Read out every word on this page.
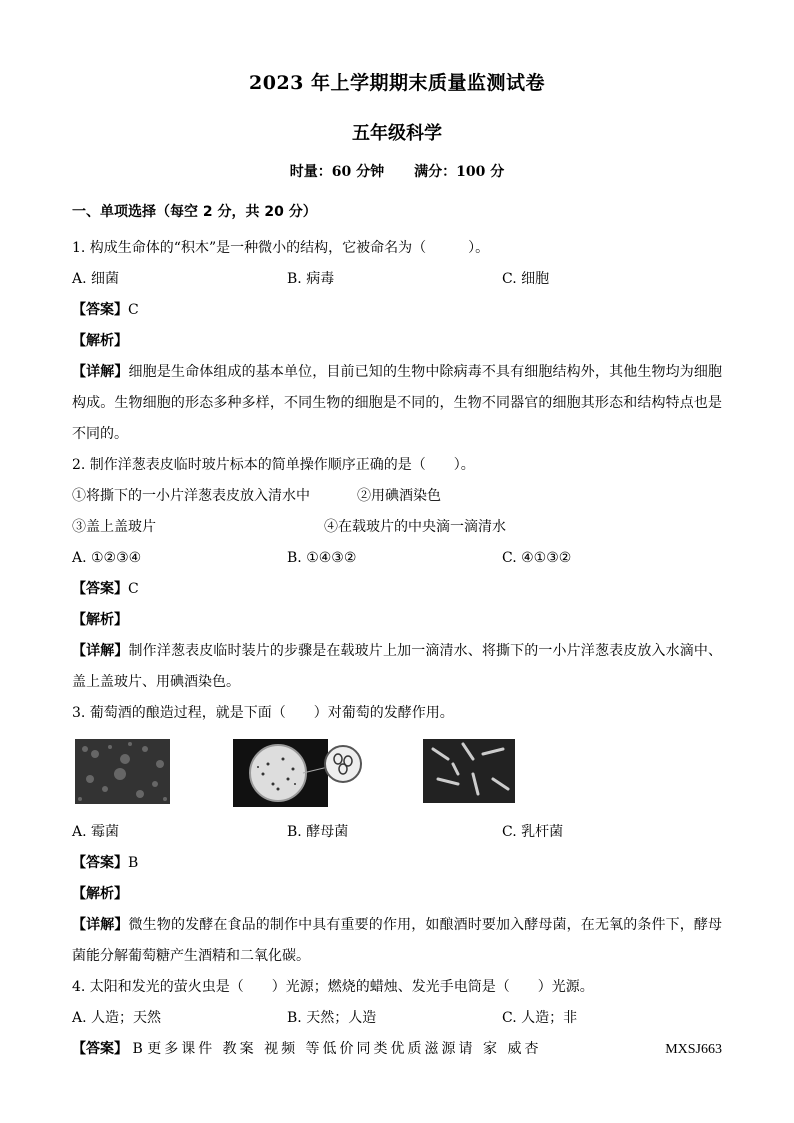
2023 年上学期期末质量监测试卷
五年级科学
时量：60 分钟 满分：100 分
一、单项选择（每空 2 分，共 20 分）
1. 构成生命体的“积木”是一种微小的结构，它被命名为（　　　）。
A. 细菌	B. 病毒	C. 细胞
【答案】C
【解析】
【详解】细胞是生命体组成的基本单位，目前已知的生物中除病毒不具有细胞结构外，其他生物均为细胞构成。生物细胞的形态多种多样，不同生物的细胞是不同的，生物不同器官的细胞其形态和结构特点也是不同的。
2. 制作洋葱表皮临时玻片标本的简单操作顺序正确的是（　　）。
①将撕下的一小片洋葱表皮放入清水中	②用碘酒染色
③盖上盖玻片	④在载玻片的中央滴一滴清水
A. ①②③④	B. ①④③②	C. ④①③②
【答案】C
【解析】
【详解】制作洋葱表皮临时装片的步骤是在载玻片上加一滴清水、将撕下的一小片洋葱表皮放入水滴中、盖上盖玻片、用碘酒染色。
3. 葡萄酒的酿造过程，就是下面（　　）对葡萄的发酵作用。
A. 霉菌	B. 酵母菌	C. 乳杆菌
【答案】B
【解析】
【详解】微生物的发酵在食品的制作中具有重要的作用，如酿酒时要加入酵母菌，在无氧的条件下，酵母菌能分解葡萄糖产生酒精和二氧化碳。
4. 太阳和发光的萤火虫是（　　）光源；燃烧的蜡烛、发光手电筒是（　　）光源。
A. 人造；天然	B. 天然；人造	C. 人造；非
【答案】 B 更多课件 教案 视频 等低价同类优质滋源请 家 威杏	MXSJ663
